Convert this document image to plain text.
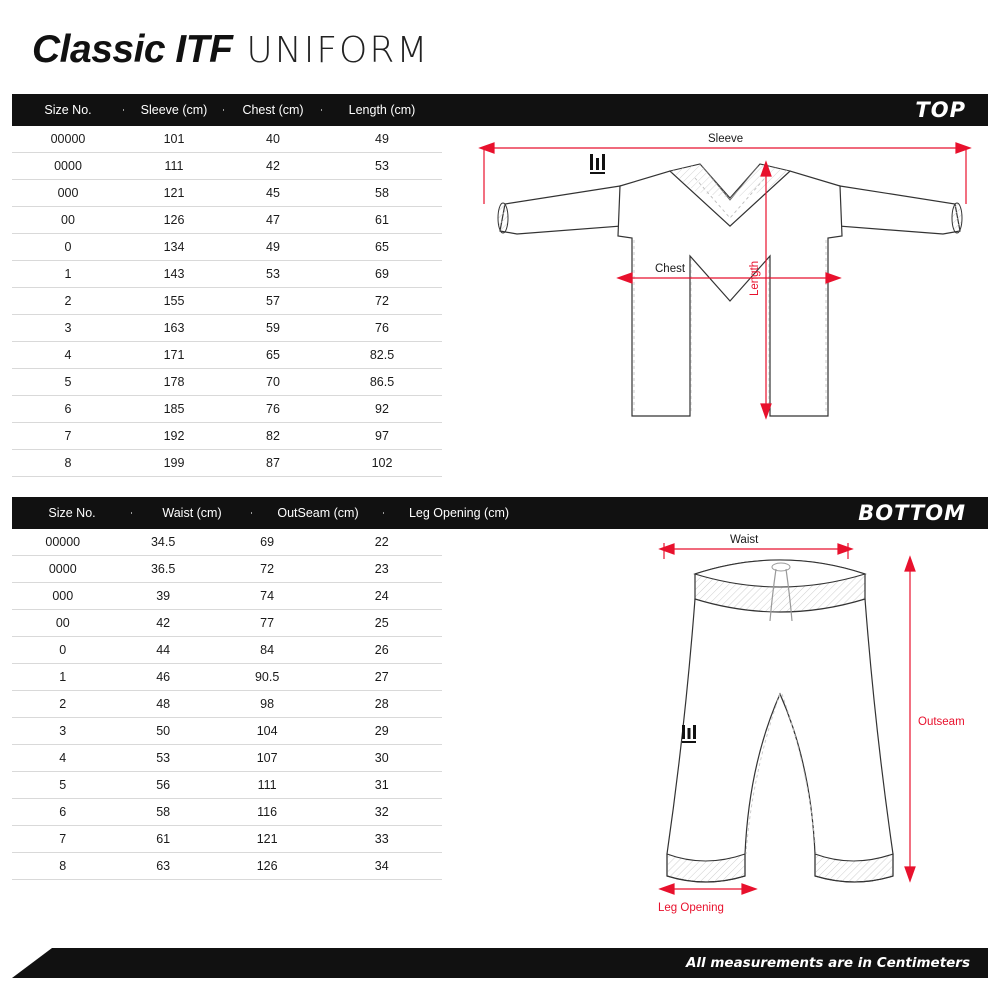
Classic ITF UNIFORM
Size No.	Sleeve (cm)	Chest (cm)	Length (cm)	TOP
00000	101	40	49
0000	111	42	53
000	121	45	58
00	126	47	61
0	134	49	65
1	143	53	69
2	155	57	72
3	163	59	76
4	171	65	82.5
5	178	70	86.5
6	185	76	92
7	192	82	97
8	199	87	102
Sleeve
Chest	Length
Size No.	Waist (cm)	OutSeam (cm)	Leg Opening (cm)	BOTTOM
00000	34.5	69	22
0000	36.5	72	23
000	39	74	24
00	42	77	25
0	44	84	26
1	46	90.5	27
2	48	98	28
3	50	104	29
4	53	107	30
5	56	111	31
6	58	116	32
7	61	121	33
8	63	126	34
Waist
Outseam
Leg Opening
All measurements are in Centimeters
